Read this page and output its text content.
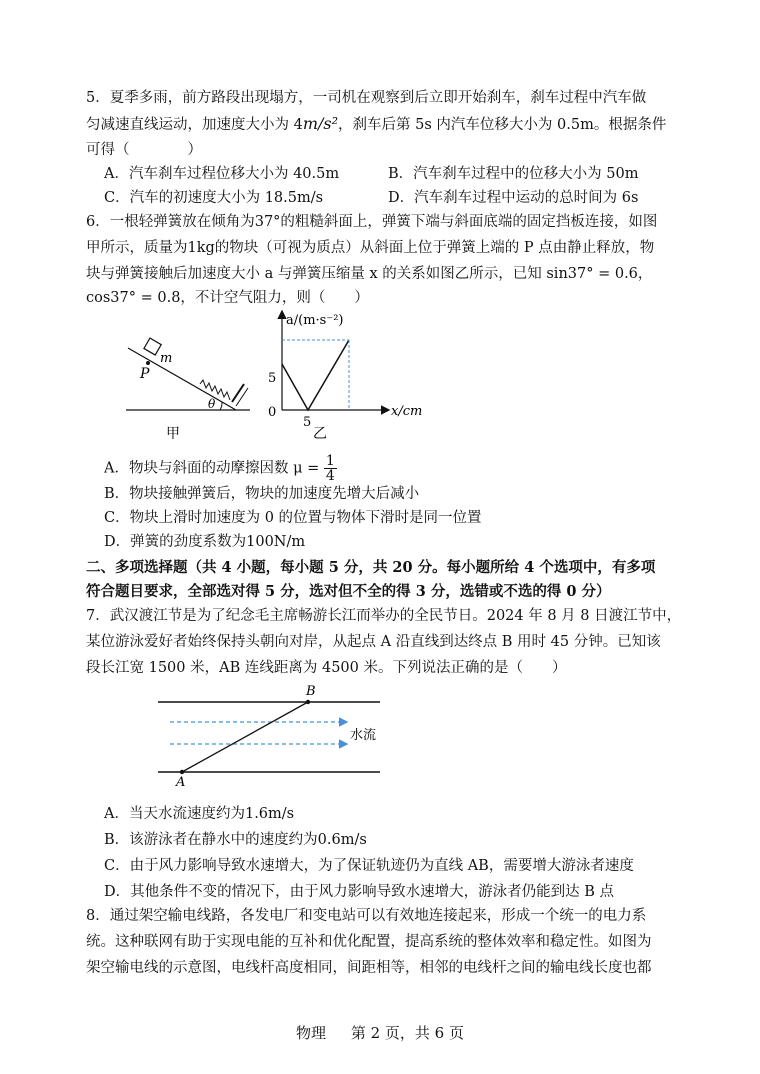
5．夏季多雨，前方路段出现塌方，一司机在观察到后立即开始刹车，刹车过程中汽车做
匀减速直线运动，加速度大小为 4m/s²，刹车后第 5s 内汽车位移大小为 0.5m。根据条件
可得（　　　　）
A．汽车刹车过程位移大小为 40.5m	B．汽车刹车过程中的位移大小为 50m
C．汽车的初速度大小为 18.5m/s	D．汽车刹车过程中运动的总时间为 6s
6．一根轻弹簧放在倾角为37°的粗糙斜面上，弹簧下端与斜面底端的固定挡板连接，如图
甲所示，质量为1kg的物块（可视为质点）从斜面上位于弹簧上端的 P 点由静止释放，物
块与弹簧接触后加速度大小 a 与弹簧压缩量 x 的关系如图乙所示，已知 sin37° = 0.6，
cos37° = 0.8，不计空气阻力，则（　　）
m
P
θ
甲
a/(m·s⁻²)
5
0
5
x/cm
乙
A．物块与斜面的动摩擦因数 $\mu = \frac{1}{4}$
B．物块接触弹簧后，物块的加速度先增大后减小
C．物块上滑时加速度为 0 的位置与物体下滑时是同一位置
D．弹簧的劲度系数为100N/m
二、多项选择题（共 4 小题，每小题 5 分，共 20 分。每小题所给 4 个选项中，有多项
符合题目要求，全部选对得 5 分，选对但不全的得 3 分，选错或不选的得 0 分）
7．武汉渡江节是为了纪念毛主席畅游长江而举办的全民节日。2024 年 8 月 8 日渡江节中，
某位游泳爱好者始终保持头朝向对岸，从起点 A 沿直线到达终点 B 用时 45 分钟。已知该
段长江宽 1500 米，AB 连线距离为 4500 米。下列说法正确的是（　　）
A
B
水流
A．当天水流速度约为1.6m/s
B．该游泳者在静水中的速度约为0.6m/s
C．由于风力影响导致水速增大，为了保证轨迹仍为直线 AB，需要增大游泳者速度
D．其他条件不变的情况下，由于风力影响导致水速增大，游泳者仍能到达 B 点
8．通过架空输电线路，各发电厂和变电站可以有效地连接起来，形成一个统一的电力系
统。这种联网有助于实现电能的互补和优化配置，提高系统的整体效率和稳定性。如图为
架空输电线的示意图，电线杆高度相同，间距相等，相邻的电线杆之间的输电线长度也都
物理 第 2 页，共 6 页
